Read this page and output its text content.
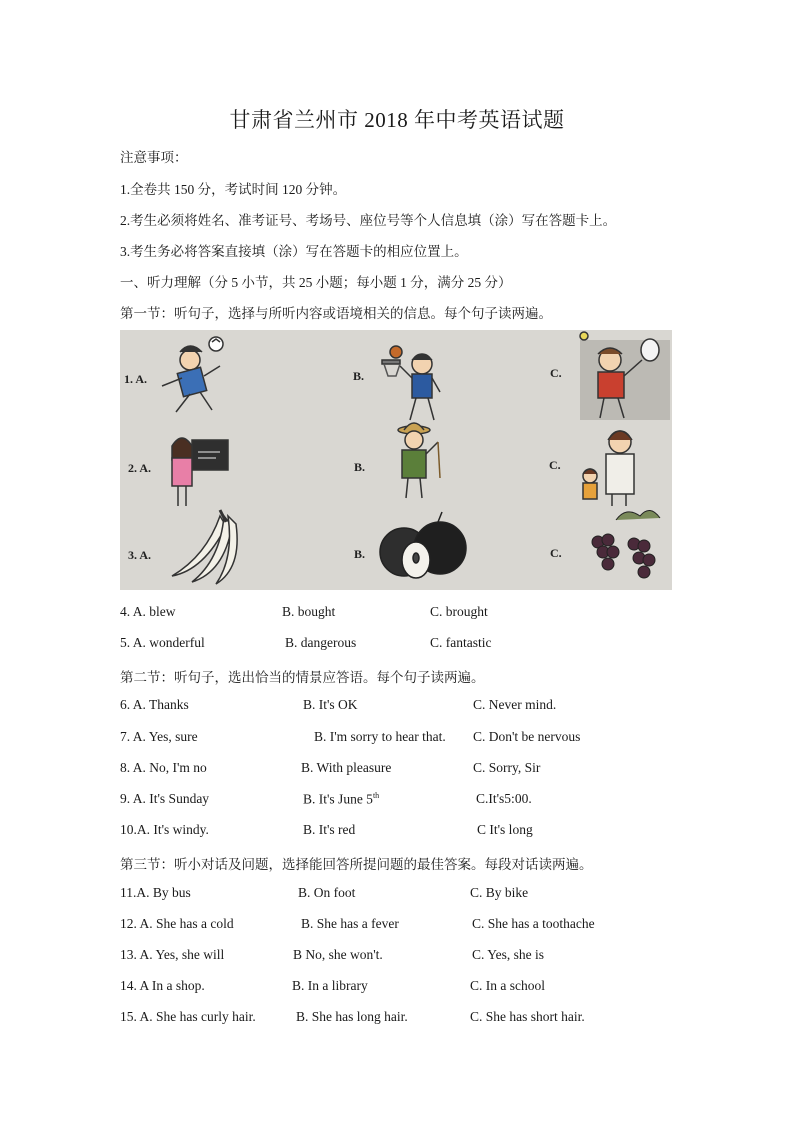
甘肃省兰州市 2018 年中考英语试题
注意事项：
1.全卷共 150 分，考试时间 120 分钟。
2.考生必须将姓名、准考证号、考场号、座位号等个人信息填（涂）写在答题卡上。
3.考生务必将答案直接填（涂）写在答题卡的相应位置上。
一、听力理解（分 5 小节，共 25 小题；每小题 1 分，满分 25 分）
第一节：听句子，选择与所听内容或语境相关的信息。每个句子读两遍。
1. A.	B.	C.
2. A.	B.	C.
3. A.	B.	C.
4. A. blew	B. bought	C. brought
5. A. wonderful	B. dangerous	C. fantastic
第二节：听句子，选出恰当的情景应答语。每个句子读两遍。
6. A. Thanks	B. It's OK	C. Never mind.
7. A. Yes, sure	B. I'm sorry to hear that. C. Don't be nervous
8. A. No, I'm no	B. With pleasure	C. Sorry, Sir
9. A. It's Sunday	B. It's June 5th	C.It's5:00.
10.A. It's windy.	B. It's red	C It's long
第三节：听小对话及问题，选择能回答所提问题的最佳答案。每段对话读两遍。
11.A. By bus	B. On foot	C. By bike
12. A. She has a cold	B. She has a fever	C. She has a toothache
13. A. Yes, she will	B No, she won't.	C. Yes, she is
14. A In a shop.	B. In a library	C. In a school
15. A. She has curly hair.	B. She has long hair.	C. She has short hair.
